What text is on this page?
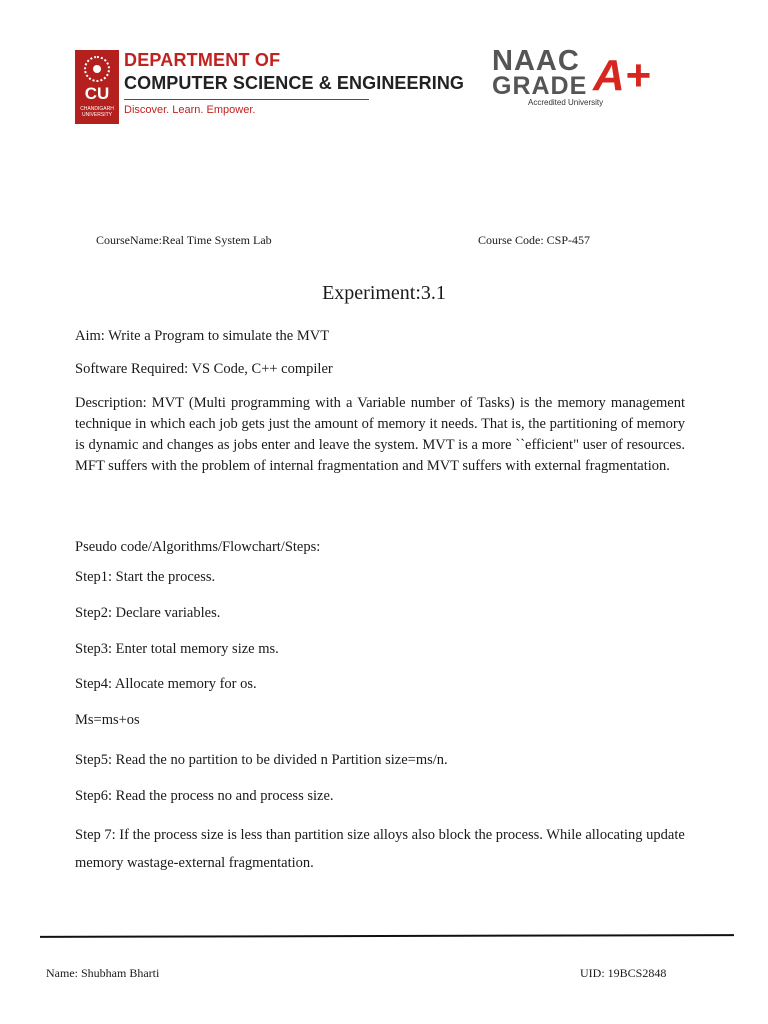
CU
CHANDIGARH UNIVERSITY
DEPARTMENT OF
COMPUTER SCIENCE & ENGINEERING
Discover. Learn. Empower.
NAAC
GRADE A+
Accredited University
CourseName:Real Time System Lab	Course Code: CSP-457
Experiment:3.1
Aim: Write a Program to simulate the MVT
Software Required: VS Code, C++ compiler
Description: MVT (Multi programming with a Variable number of Tasks) is the memory management technique in which each job gets just the amount of memory it needs. That is, the partitioning of memory is dynamic and changes as jobs enter and leave the system. MVT is a more ``efficient" user of resources. MFT suffers with the problem of internal fragmentation and MVT suffers with external fragmentation.
Pseudo code/Algorithms/Flowchart/Steps:
Step1: Start the process.
Step2: Declare variables.
Step3: Enter total memory size ms.
Step4: Allocate memory for os.
Ms=ms+os
Step5: Read the no partition to be divided n Partition size=ms/n.
Step6: Read the process no and process size.
Step 7: If the process size is less than partition size alloys also block the process. While allocating update memory wastage-external fragmentation.
Name: Shubham Bharti	UID: 19BCS2848
